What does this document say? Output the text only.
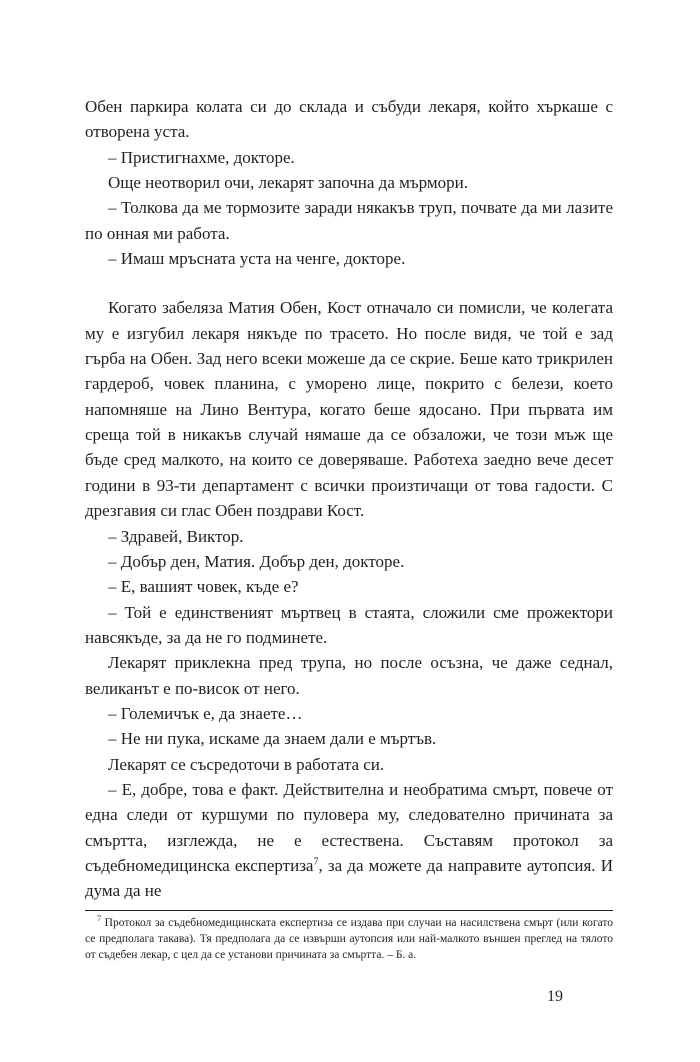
Обен паркира колата си до склада и събуди лекаря, който хъркаше с отворена уста.

– Пристигнахме, докторе.

Още неотворил очи, лекарят започна да мърмори.

– Толкова да ме тормозите заради някакъв труп, почвате да ми лазите по онная ми работа.

– Имаш мръсната уста на ченге, докторе.

Когато забеляза Матия Обен, Кост отначало си помисли, че колегата му е изгубил лекаря някъде по трасето. Но после видя, че той е зад гърба на Обен. Зад него всеки можеше да се скрие. Беше като трикрилен гардероб, човек планина, с уморено лице, покрито с белези, което напомняше на Лино Вентура, когато беше ядосано. При първата им среща той в никакъв случай нямаше да се обзаложи, че този мъж ще бъде сред малкото, на които се доверяваше. Работеха заедно вече десет години в 93-ти департамент с всички произтичащи от това гадости. С дрезгавия си глас Обен поздрави Кост.

– Здравей, Виктор.

– Добър ден, Матия. Добър ден, докторе.

– Е, вашият човек, къде е?

– Той е единственият мъртвец в стаята, сложили сме прожектори навсякъде, за да не го подминете.

Лекарят приклекна пред трупа, но после осъзна, че даже седнал, великанът е по-висок от него.

– Големичък е, да знаете…

– Не ни пука, искаме да знаем дали е мъртъв.

Лекарят се съсредоточи в работата си.

– Е, добре, това е факт. Действителна и необратима смърт, повече от една следи от куршуми по пуловера му, следователно причината за смъртта, изглежда, не е естествена. Съставям протокол за съдебномедицинска експертиза$^7$, за да можете да направите аутопсия. И дума да не

$^7$ Протокол за съдебномедицинската експертиза се издава при случаи на насилствена смърт (или когато се предполага такава). Тя предполага да се извърши аутопсия или най-малкото външен преглед на тялото от съдебен лекар, с цел да се установи причината за смъртта. – Б. а.

19
